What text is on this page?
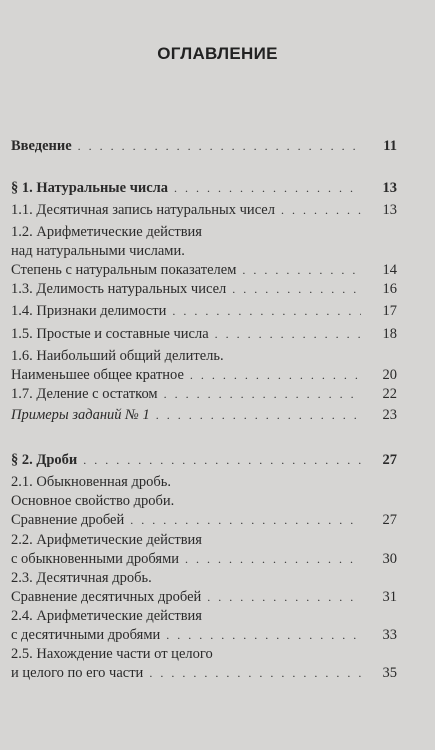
ОГЛАВЛЕНИЕ
Введение . . .	11
§ 1. Натуральные числа . . .	13
1.1. Десятичная запись натуральных чисел . . .	13
1.2. Арифметические действия
над натуральными числами.
Степень с натуральным показателем . . .	14
1.3. Делимость натуральных чисел . . .	16
1.4. Признаки делимости . . .	17
1.5. Простые и составные числа . . .	18
1.6. Наибольший общий делитель.
Наименьшее общее кратное . . .	20
1.7. Деление с остатком . . .	22
Примеры заданий № 1 . . .	23
§ 2. Дроби . . .	27
2.1. Обыкновенная дробь.
Основное свойство дроби.
Сравнение дробей . . .	27
2.2. Арифметические действия
с обыкновенными дробями . . .	30
2.3. Десятичная дробь.
Сравнение десятичных дробей . . .	31
2.4. Арифметические действия
с десятичными дробями . . .	33
2.5. Нахождение части от целого
и целого по его части . . .	35
